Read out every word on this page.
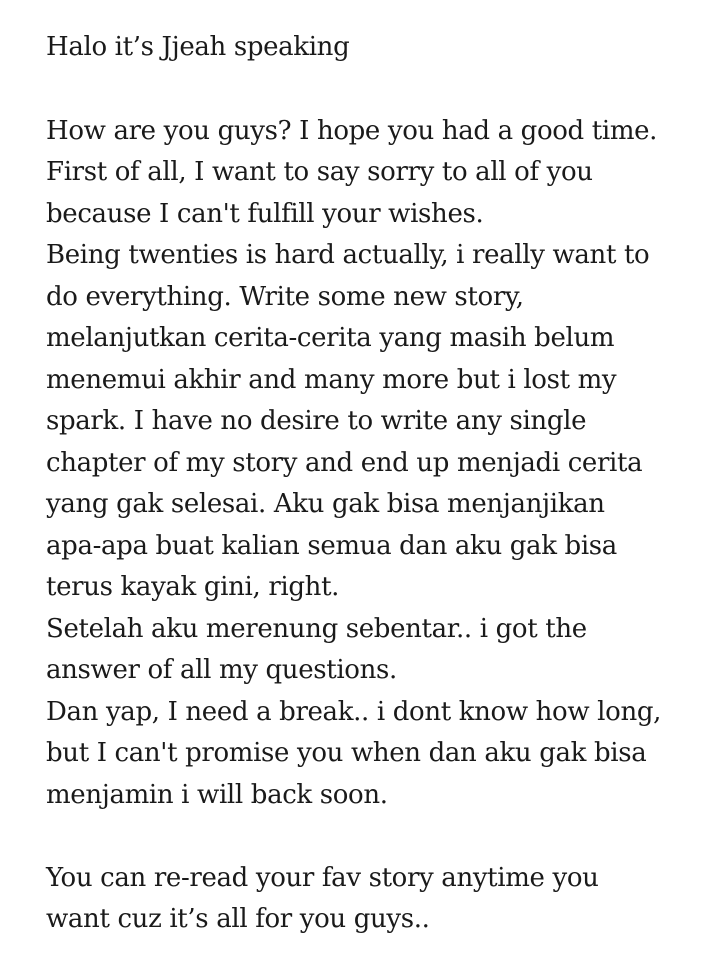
Halo it’s Jjeah speaking
How are you guys? I hope you had a good time.
First of all, I want to say sorry to all of you
because I can't fulfill your wishes.
Being twenties is hard actually, i really want to
do everything. Write some new story,
melanjutkan cerita-cerita yang masih belum
menemui akhir and many more but i lost my
spark. I have no desire to write any single
chapter of my story and end up menjadi cerita
yang gak selesai. Aku gak bisa menjanjikan
apa-apa buat kalian semua dan aku gak bisa
terus kayak gini, right.
Setelah aku merenung sebentar.. i got the
answer of all my questions.
Dan yap, I need a break.. i dont know how long,
but I can't promise you when dan aku gak bisa
menjamin i will back soon.
You can re-read your fav story anytime you
want cuz it’s all for you guys..
